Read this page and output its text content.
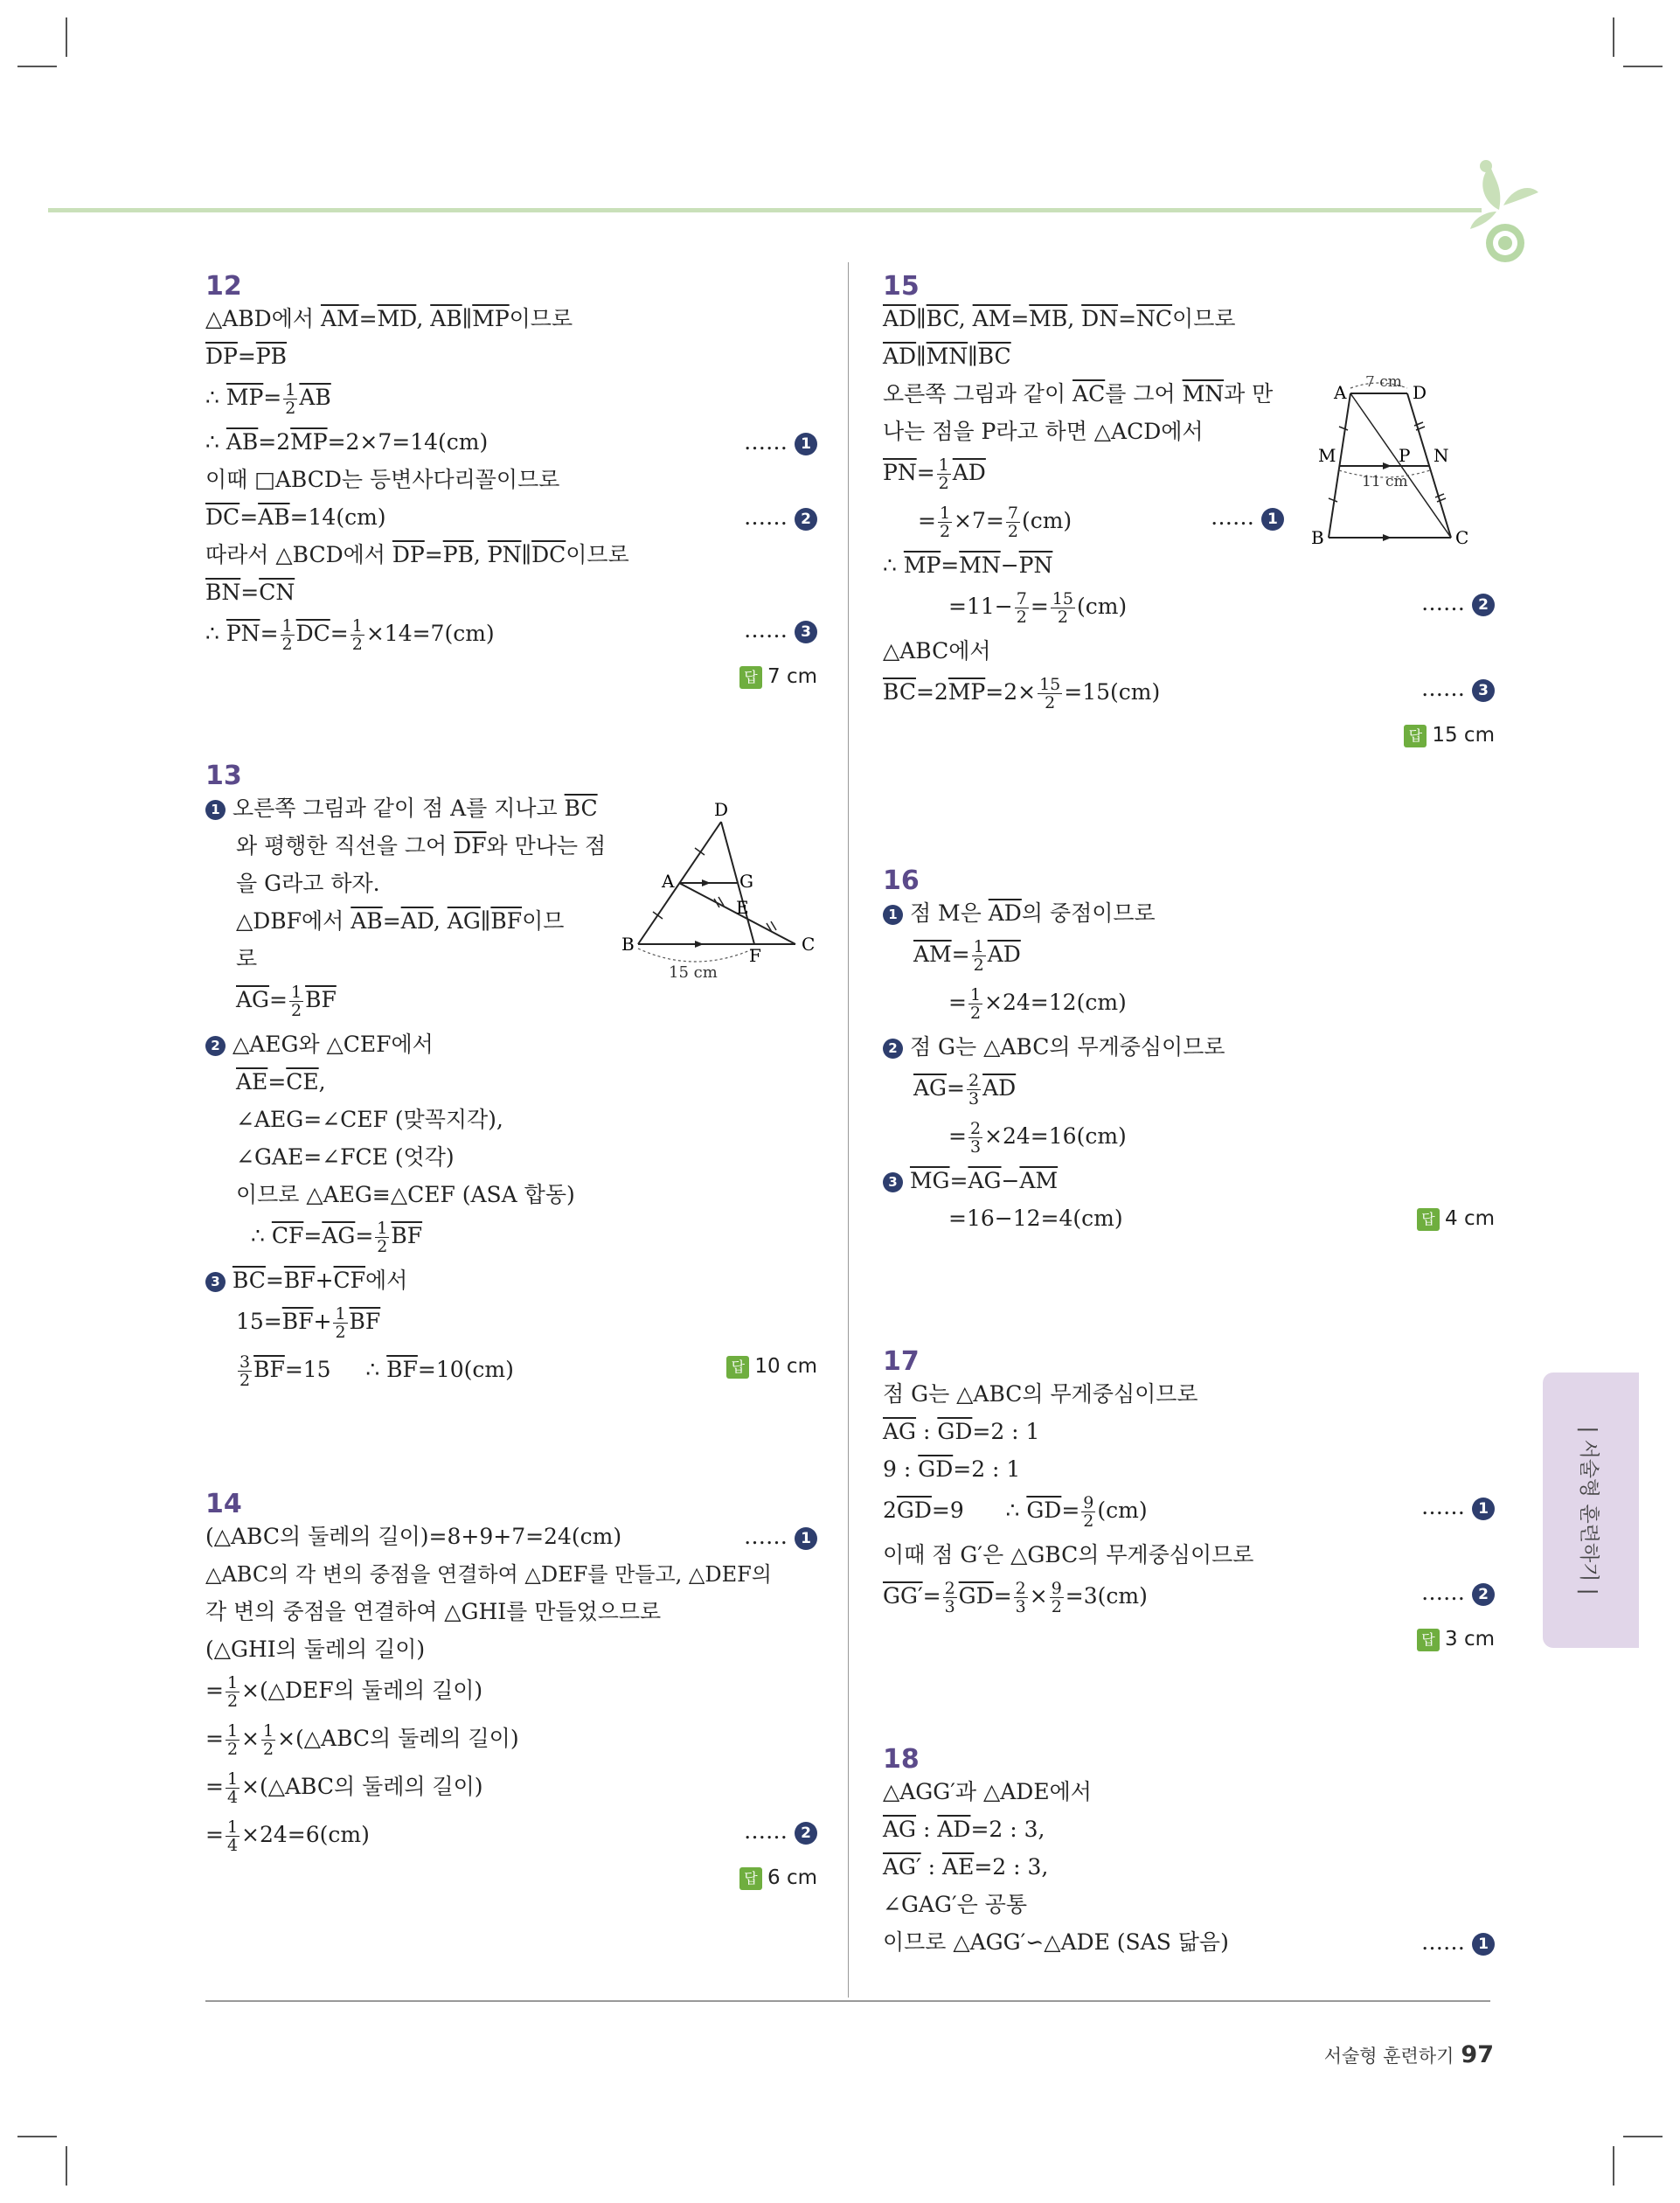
12
△ABD에서 $\overline{AM}=\overline{MD}$, $\overline{AB}\parallel\overline{MP}$이므로
$\overline{DP}=\overline{PB}$
∴ $\overline{MP}= \frac{1}{2} \overline{AB}$
∴ $\overline{AB}=2\overline{MP}=2\times 7=14(cm)$	…… 1
이때 □ABCD는 등변사다리꼴이므로
$\overline{DC}=\overline{AB}=14(cm)$	…… 2
따라서 △BCD에서 $\overline{DP}=\overline{PB}$, $\overline{PN}\parallel\overline{DC}$이므로
$\overline{BN}=\overline{CN}$
∴ $\overline{PN}= \frac{1}{2} \overline{DC}= \frac{1}{2} \times 14=7(cm)$	…… 3
답 7 cm
13
1 오른쪽 그림과 같이 점 A를 지나고 $\overline{BC}$
와 평행한 직선을 그어 $\overline{DF}$와 만나는 점
을 G라고 하자.
△DBF에서 $\overline{AB}=\overline{AD}$, $\overline{AG}\parallel\overline{BF}$이므
로
$\overline{AG}= \frac{1}{2} \overline{BF}$
2 △AEG와 △CEF에서
$\overline{AE}=\overline{CE}$,
∠AEG=∠CEF (맞꼭지각),
∠GAE=∠FCE (엇각)
이므로 △AEG≡△CEF (ASA 합동)
∴ $\overline{CF}=\overline{AG}= \frac{1}{2} \overline{BF}$
3 $\overline{BC}=\overline{BF}+\overline{CF}$에서
$15=\overline{BF}+ \frac{1}{2} \overline{BF}$
$\frac{3}{2} \overline{BF}=15$ ∴ $\overline{BF}=10(cm)$	답 10 cm
D
A	G
E
B
F
C
15 cm
14
(△ABC의 둘레의 길이)=8+9+7=24(cm)	…… 1
△ABC의 각 변의 중점을 연결하여 △DEF를 만들고, △DEF의
각 변의 중점을 연결하여 △GHI를 만들었으므로
(△GHI의 둘레의 길이)
= $\frac{1}{2}$ ×(△DEF의 둘레의 길이)
= $\frac{1}{2} \times \frac{1}{2}$ ×(△ABC의 둘레의 길이)
= $\frac{1}{4}$ ×(△ABC의 둘레의 길이)
= $\frac{1}{4} \times 24=6(cm)$	…… 2
답 6 cm
15
$\overline{AD}\parallel\overline{BC}$, $\overline{AM}=\overline{MB}$, $\overline{DN}=\overline{NC}$이므로
$\overline{AD}\parallel\overline{MN}\parallel\overline{BC}$
오른쪽 그림과 같이 $\overline{AC}$를 그어 $\overline{MN}$과 만
나는 점을 P라고 하면 △ACD에서
$\overline{PN}= \frac{1}{2} \overline{AD}$
= $\frac{1}{2} \times 7= \frac{7}{2} (cm)$	…… 1
∴ $\overline{MP}=\overline{MN}-\overline{PN}$
$=11- \frac{7}{2} = \frac{15}{2} (cm)$	…… 2
△ABC에서
$\overline{BC}=2\overline{MP}=2\times \frac{15}{2} =15(cm)$	…… 3
답 15 cm
A	D
7 cm
M	N
P
11 cm
B	C
16
1 점 M은 $\overline{AD}$의 중점이므로
$\overline{AM}= \frac{1}{2} \overline{AD}$
= $\frac{1}{2} \times 24=12(cm)$
2 점 G는 △ABC의 무게중심이므로
$\overline{AG}= \frac{2}{3} \overline{AD}$
= $\frac{2}{3} \times 24=16(cm)$
3 $\overline{MG}=\overline{AG}-\overline{AM}$
=16−12=4(cm)	답 4 cm
17
점 G는 △ABC의 무게중심이므로
$\overline{AG}$ : $\overline{GD}=2$ : 1
9 : $\overline{GD}=2$ : 1
$2\overline{GD}=9$ ∴ $\overline{GD}= \frac{9}{2} (cm)$	…… 1
이때 점 G′은 △GBC의 무게중심이므로
$GG'= \frac{2}{3} \overline{GD}= \frac{2}{3} \times \frac{9}{2} =3(cm)$	…… 2
답 3 cm
18
△AGG′과 △ADE에서
$\overline{AG}$ : $\overline{AD}=2$ : 3,
AG′ : $\overline{AE}=2$ : 3,
∠GAG′은 공통
이므로 △AGG′∽△ADE (SAS 닮음)	…… 1
| 서술형 훈련하기 |
서술형 훈련하기 97
